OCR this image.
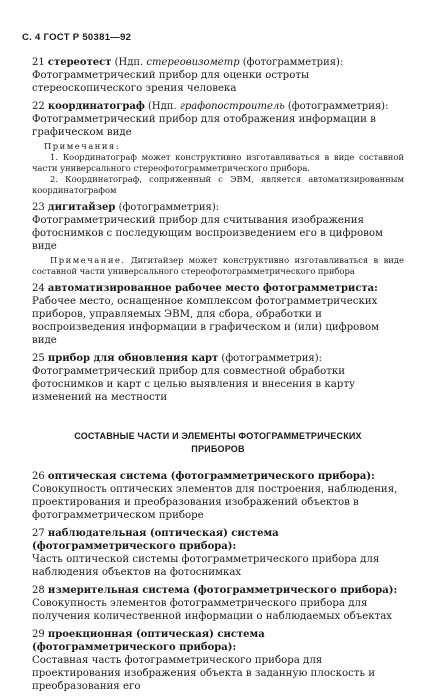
С. 4 ГОСТ Р 50381—92
21 стереотест (Ндп. стереовизометр (фотограмметрия):
Фотограмметрический прибор для оценки остроты стереоскопического зрения человека
22 координатограф (Ндп. графопостроитель (фотограмметрия):
Фотограмметрический прибор для отображения информации в графическом виде
Примечания:
1. Координатограф может конструктивно изготавливаться в виде составной части универсального стереофотограмметрического прибора.
2. Координатограф, сопряженный с ЭВМ, является автоматизированным координатографом
23 дигитайзер (фотограмметрия):
Фотограмметрический прибор для считывания изображения фотоснимков с последующим воспроизведением его в цифровом виде
Примечание. Дигитайзер может конструктивно изготавливаться в виде составной части универсального стереофотограмметрического прибора
24 автоматизированное рабочее место фотограмметриста:
Рабочее место, оснащенное комплексом фотограмметрических приборов, управляемых ЭВМ, для сбора, обработки и воспроизведения информации в графическом и (или) цифровом виде
25 прибор для обновления карт (фотограмметрия):
Фотограмметрический прибор для совместной обработки фотоснимков и карт с целью выявления и внесения в карту изменений на местности
СОСТАВНЫЕ ЧАСТИ И ЭЛЕМЕНТЫ ФОТОГРАММЕТРИЧЕСКИХ
ПРИБОРОВ
26 оптическая система (фотограмметрического прибора):
Совокупность оптических элементов для построения, наблюдения, проектирования и преобразования изображений объектов в фотограмметрическом приборе
27 наблюдательная (оптическая) система (фотограмметрического прибора):
Часть оптической системы фотограмметрического прибора для наблюдения объектов на фотоснимках
28 измерительная система (фотограмметрического прибора):
Совокупность элементов фотограмметрического прибора для получения количественной информации о наблюдаемых объектах
29 проекционная (оптическая) система (фотограмметрического прибора):
Составная часть фотограмметрического прибора для проектирования изображения объекта в заданную плоскость и преобразования его
